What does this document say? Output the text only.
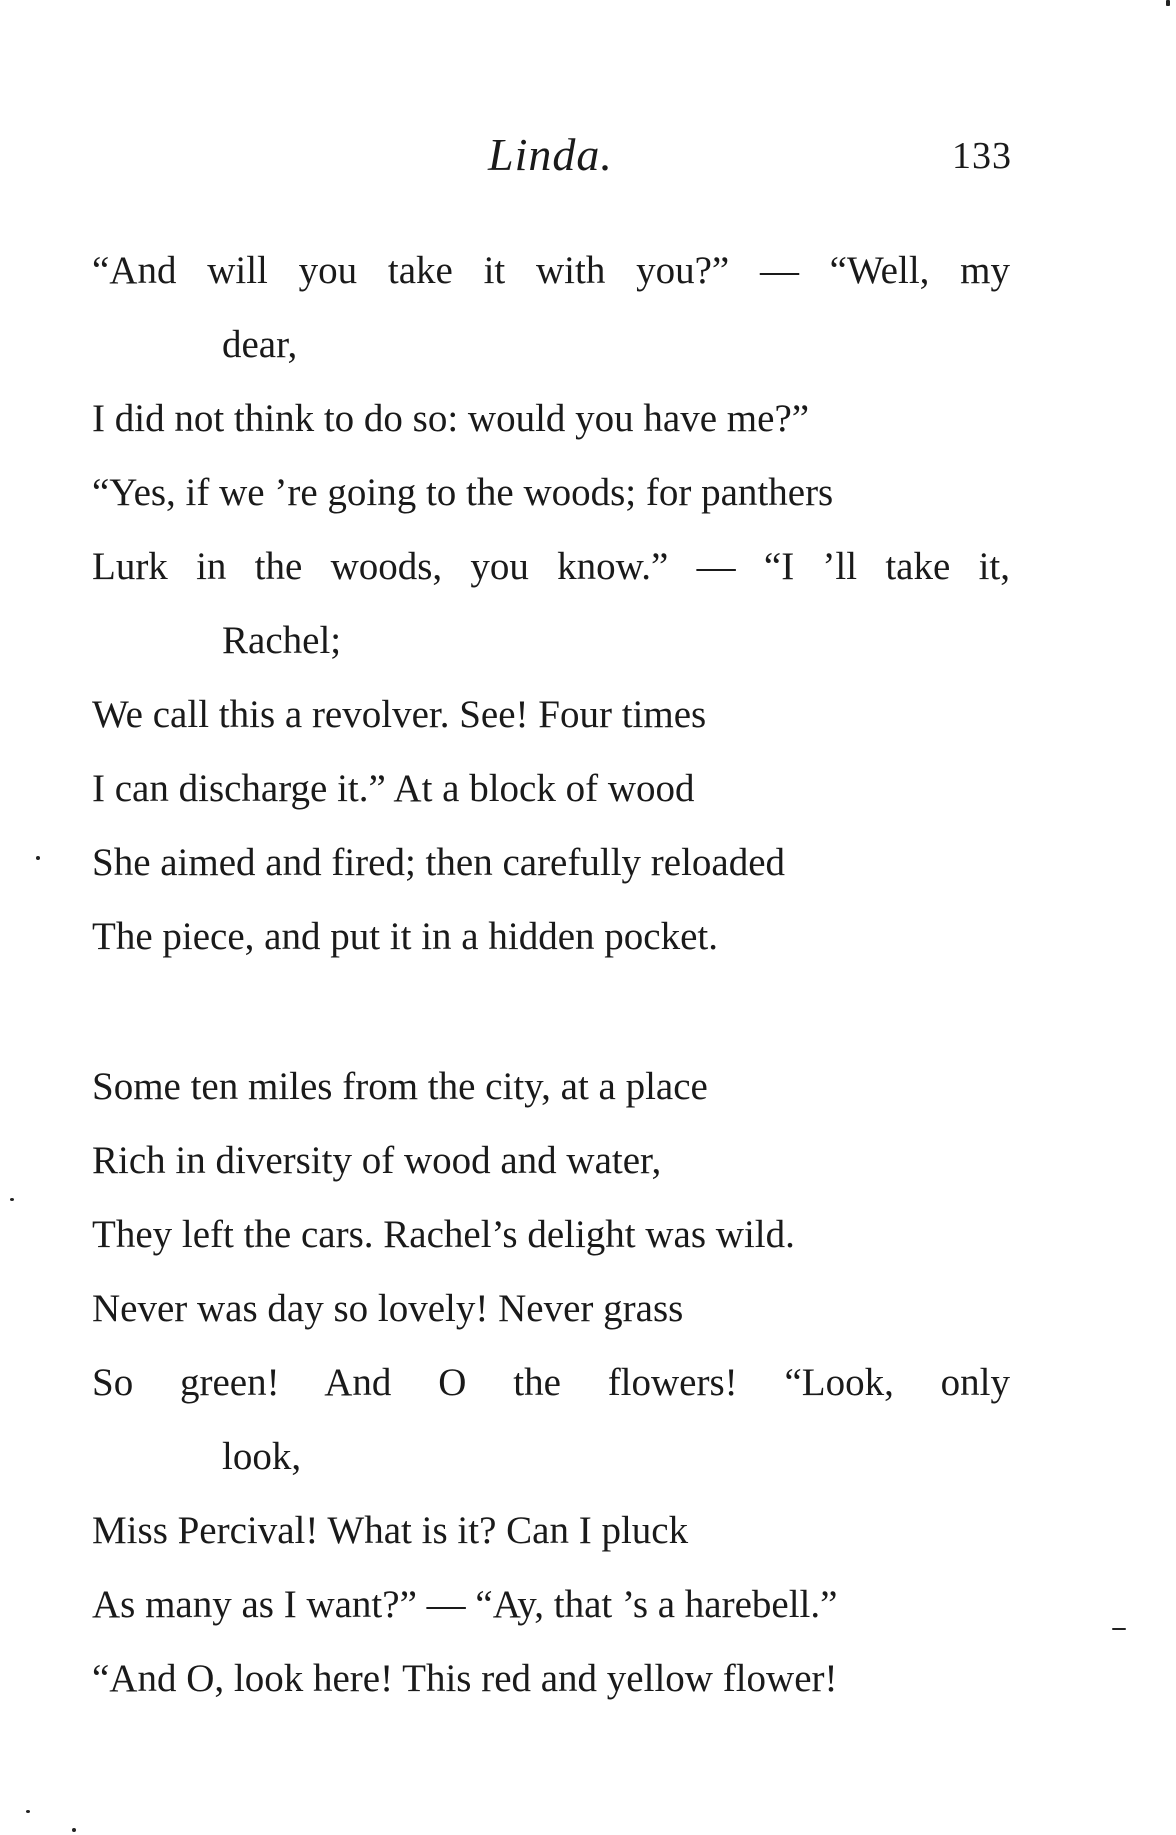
Linda.	133
“And will you take it with you?” — “Well, my
dear,
I did not think to do so: would you have me?”
“Yes, if we ’re going to the woods; for panthers
Lurk in the woods, you know.” — “I ’ll take it,
Rachel;
We call this a revolver. See! Four times
I can discharge it.” At a block of wood
She aimed and fired; then carefully reloaded
The piece, and put it in a hidden pocket.
Some ten miles from the city, at a place
Rich in diversity of wood and water,
They left the cars. Rachel’s delight was wild.
Never was day so lovely! Never grass
So green! And O the flowers! “Look, only
look,
Miss Percival! What is it? Can I pluck
As many as I want?” — “Ay, that ’s a harebell.”
“And O, look here! This red and yellow flower!
